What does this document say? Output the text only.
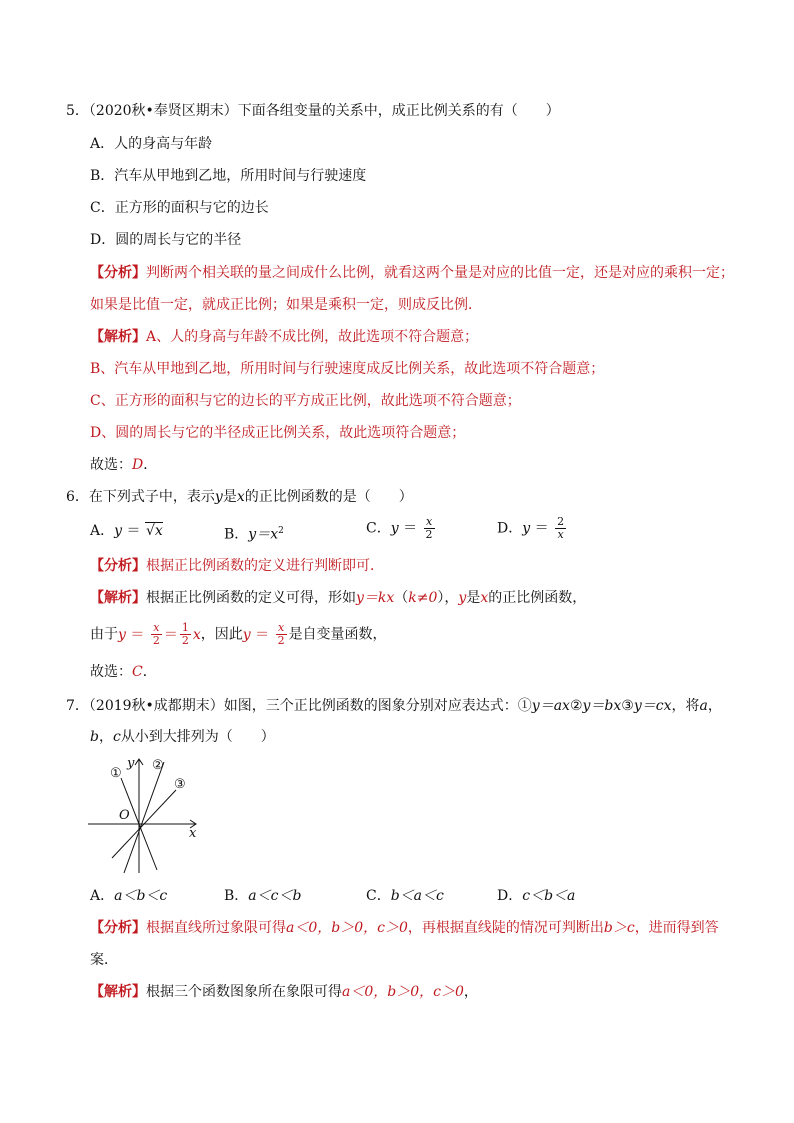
5．（2020秋•奉贤区期末）下面各组变量的关系中，成正比例关系的有（　　）
A．人的身高与年龄
B．汽车从甲地到乙地，所用时间与行驶速度
C．正方形的面积与它的边长
D．圆的周长与它的半径
【分析】判断两个相关联的量之间成什么比例，就看这两个量是对应的比值一定，还是对应的乘积一定；
如果是比值一定，就成正比例；如果是乘积一定，则成反比例．
【解析】A、人的身高与年龄不成比例，故此选项不符合题意；
B、汽车从甲地到乙地，所用时间与行驶速度成反比例关系，故此选项不符合题意；
C、正方形的面积与它的边长的平方成正比例，故此选项不符合题意；
D、圆的周长与它的半径成正比例关系，故此选项符合题意；
故选：D．
6．在下列式子中，表示y是x的正比例函数的是（　　）
A．y ＝ √x	B．$y=x^2$	C．$y = \frac{x}{2}$	D．$y = \frac{2}{x}$
【分析】根据正比例函数的定义进行判断即可．
【解析】根据正比例函数的定义可得，形如y＝kx（k≠0），y是x的正比例函数，
由于$y = \frac{x}{2} = \frac{1}{2}$ x，因此$y = \frac{x}{2}$ 是自变量函数，
故选：C．
7．（2019秋•成都期末）如图，三个正比例函数的图象分别对应表达式：①y＝ax②y＝bx③y＝cx，将a，
b，c从小到大排列为（　　）
①
②
③
y
x
O
A．a＜b＜c	B．a＜c＜b	C．b＜a＜c	D．c＜b＜a
【分析】根据直线所过象限可得a＜0，b＞0，c＞0，再根据直线陡的情况可判断出b＞c，进而得到答
案．
【解析】根据三个函数图象所在象限可得a＜0，b＞0，c＞0，
